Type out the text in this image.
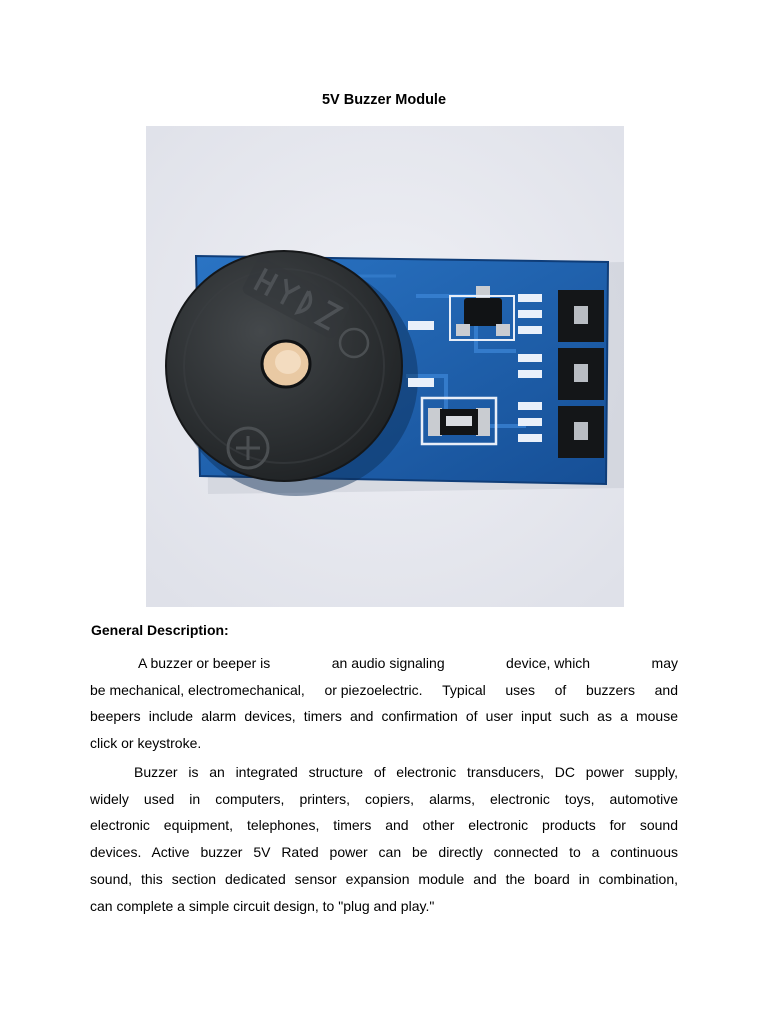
5V Buzzer Module
General Description:
A buzzer or beeper is	an audio signaling	device, which	may
be mechanical, electromechanical, or piezoelectric. Typical uses of buzzers and
beepers include alarm devices, timers and confirmation of user input such as a mouse
click or keystroke.
Buzzer is an integrated structure of electronic transducers, DC power supply,
widely used in computers, printers, copiers, alarms, electronic toys, automotive
electronic equipment, telephones, timers and other electronic products for sound
devices. Active buzzer 5V Rated power can be directly connected to a continuous
sound, this section dedicated sensor expansion module and the board in combination,
can complete a simple circuit design, to "plug and play."
